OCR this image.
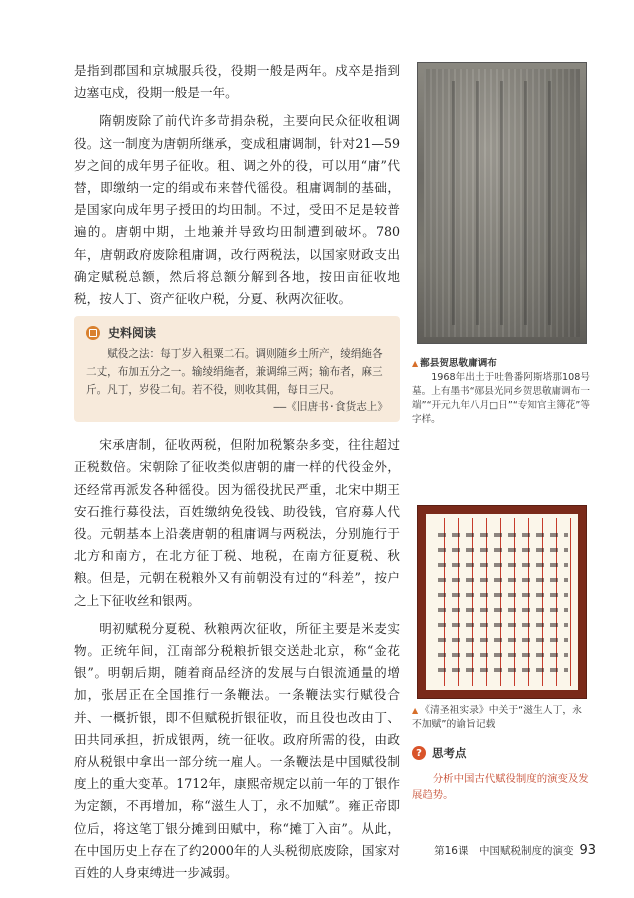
是指到郡国和京城服兵役，役期一般是两年。戍卒是指到边塞屯戍，役期一般是一年。

隋朝废除了前代许多苛捐杂税，主要向民众征收租调役。这一制度为唐朝所继承，变成租庸调制，针对21—59岁之间的成年男子征收。租、调之外的役，可以用“庸”代替，即缴纳一定的绢或布来替代徭役。租庸调制的基础，是国家向成年男子授田的均田制。不过，受田不足是较普遍的。唐朝中期，土地兼并导致均田制遭到破坏。780年，唐朝政府废除租庸调，改行两税法，以国家财政支出确定赋税总额，然后将总额分解到各地，按田亩征收地税，按人丁、资产征收户税，分夏、秋两次征收。

史料阅读

赋役之法：每丁岁入租粟二石。调则随乡土所产，绫绢絁各二丈，布加五分之一。输绫绢絁者，兼调绵三两；输布者，麻三斤。凡丁，岁役二旬。若不役，则收其佣，每日三尺。

——《旧唐书·食货志上》

宋承唐制，征收两税，但附加税繁杂多变，往往超过正税数倍。宋朝除了征收类似唐朝的庸一样的代役金外，还经常再派发各种徭役。因为徭役扰民严重，北宋中期王安石推行募役法，百姓缴纳免役钱、助役钱，官府募人代役。元朝基本上沿袭唐朝的租庸调与两税法，分别施行于北方和南方，在北方征丁税、地税，在南方征夏税、秋粮。但是，元朝在税粮外又有前朝没有过的“科差”，按户之上下征收丝和银两。

明初赋税分夏税、秋粮两次征收，所征主要是米麦实物。正统年间，江南部分税粮折银交送赴北京，称“金花银”。明朝后期，随着商品经济的发展与白银流通量的增加，张居正在全国推行一条鞭法。一条鞭法实行赋役合并、一概折银，即不但赋税折银征收，而且役也改由丁、田共同承担，折成银两，统一征收。政府所需的役，由政府从税银中拿出一部分统一雇人。一条鞭法是中国赋役制度上的重大变革。1712年，康熙帝规定以前一年的丁银作为定额，不再增加，称“滋生人丁，永不加赋”。雍正帝即位后，将这笔丁银分摊到田赋中，称“摊丁入亩”。从此，在中国历史上存在了约2000年的人头税彻底废除，国家对百姓的人身束缚进一步减弱。

▲ 鄯县贺思敬庸调布

1968年出土于吐鲁番阿斯塔那108号墓。上有墨书“郧县光同乡贺思敬庸调布一端”“开元九年八月□日”“专知官主簿花”等字样。

▲ 《清圣祖实录》中关于“滋生人丁，永不加赋”的谕旨记载
? 思考点

分析中国古代赋役制度的演变及发展趋势。

第16课　中国赋税制度的演变 93
